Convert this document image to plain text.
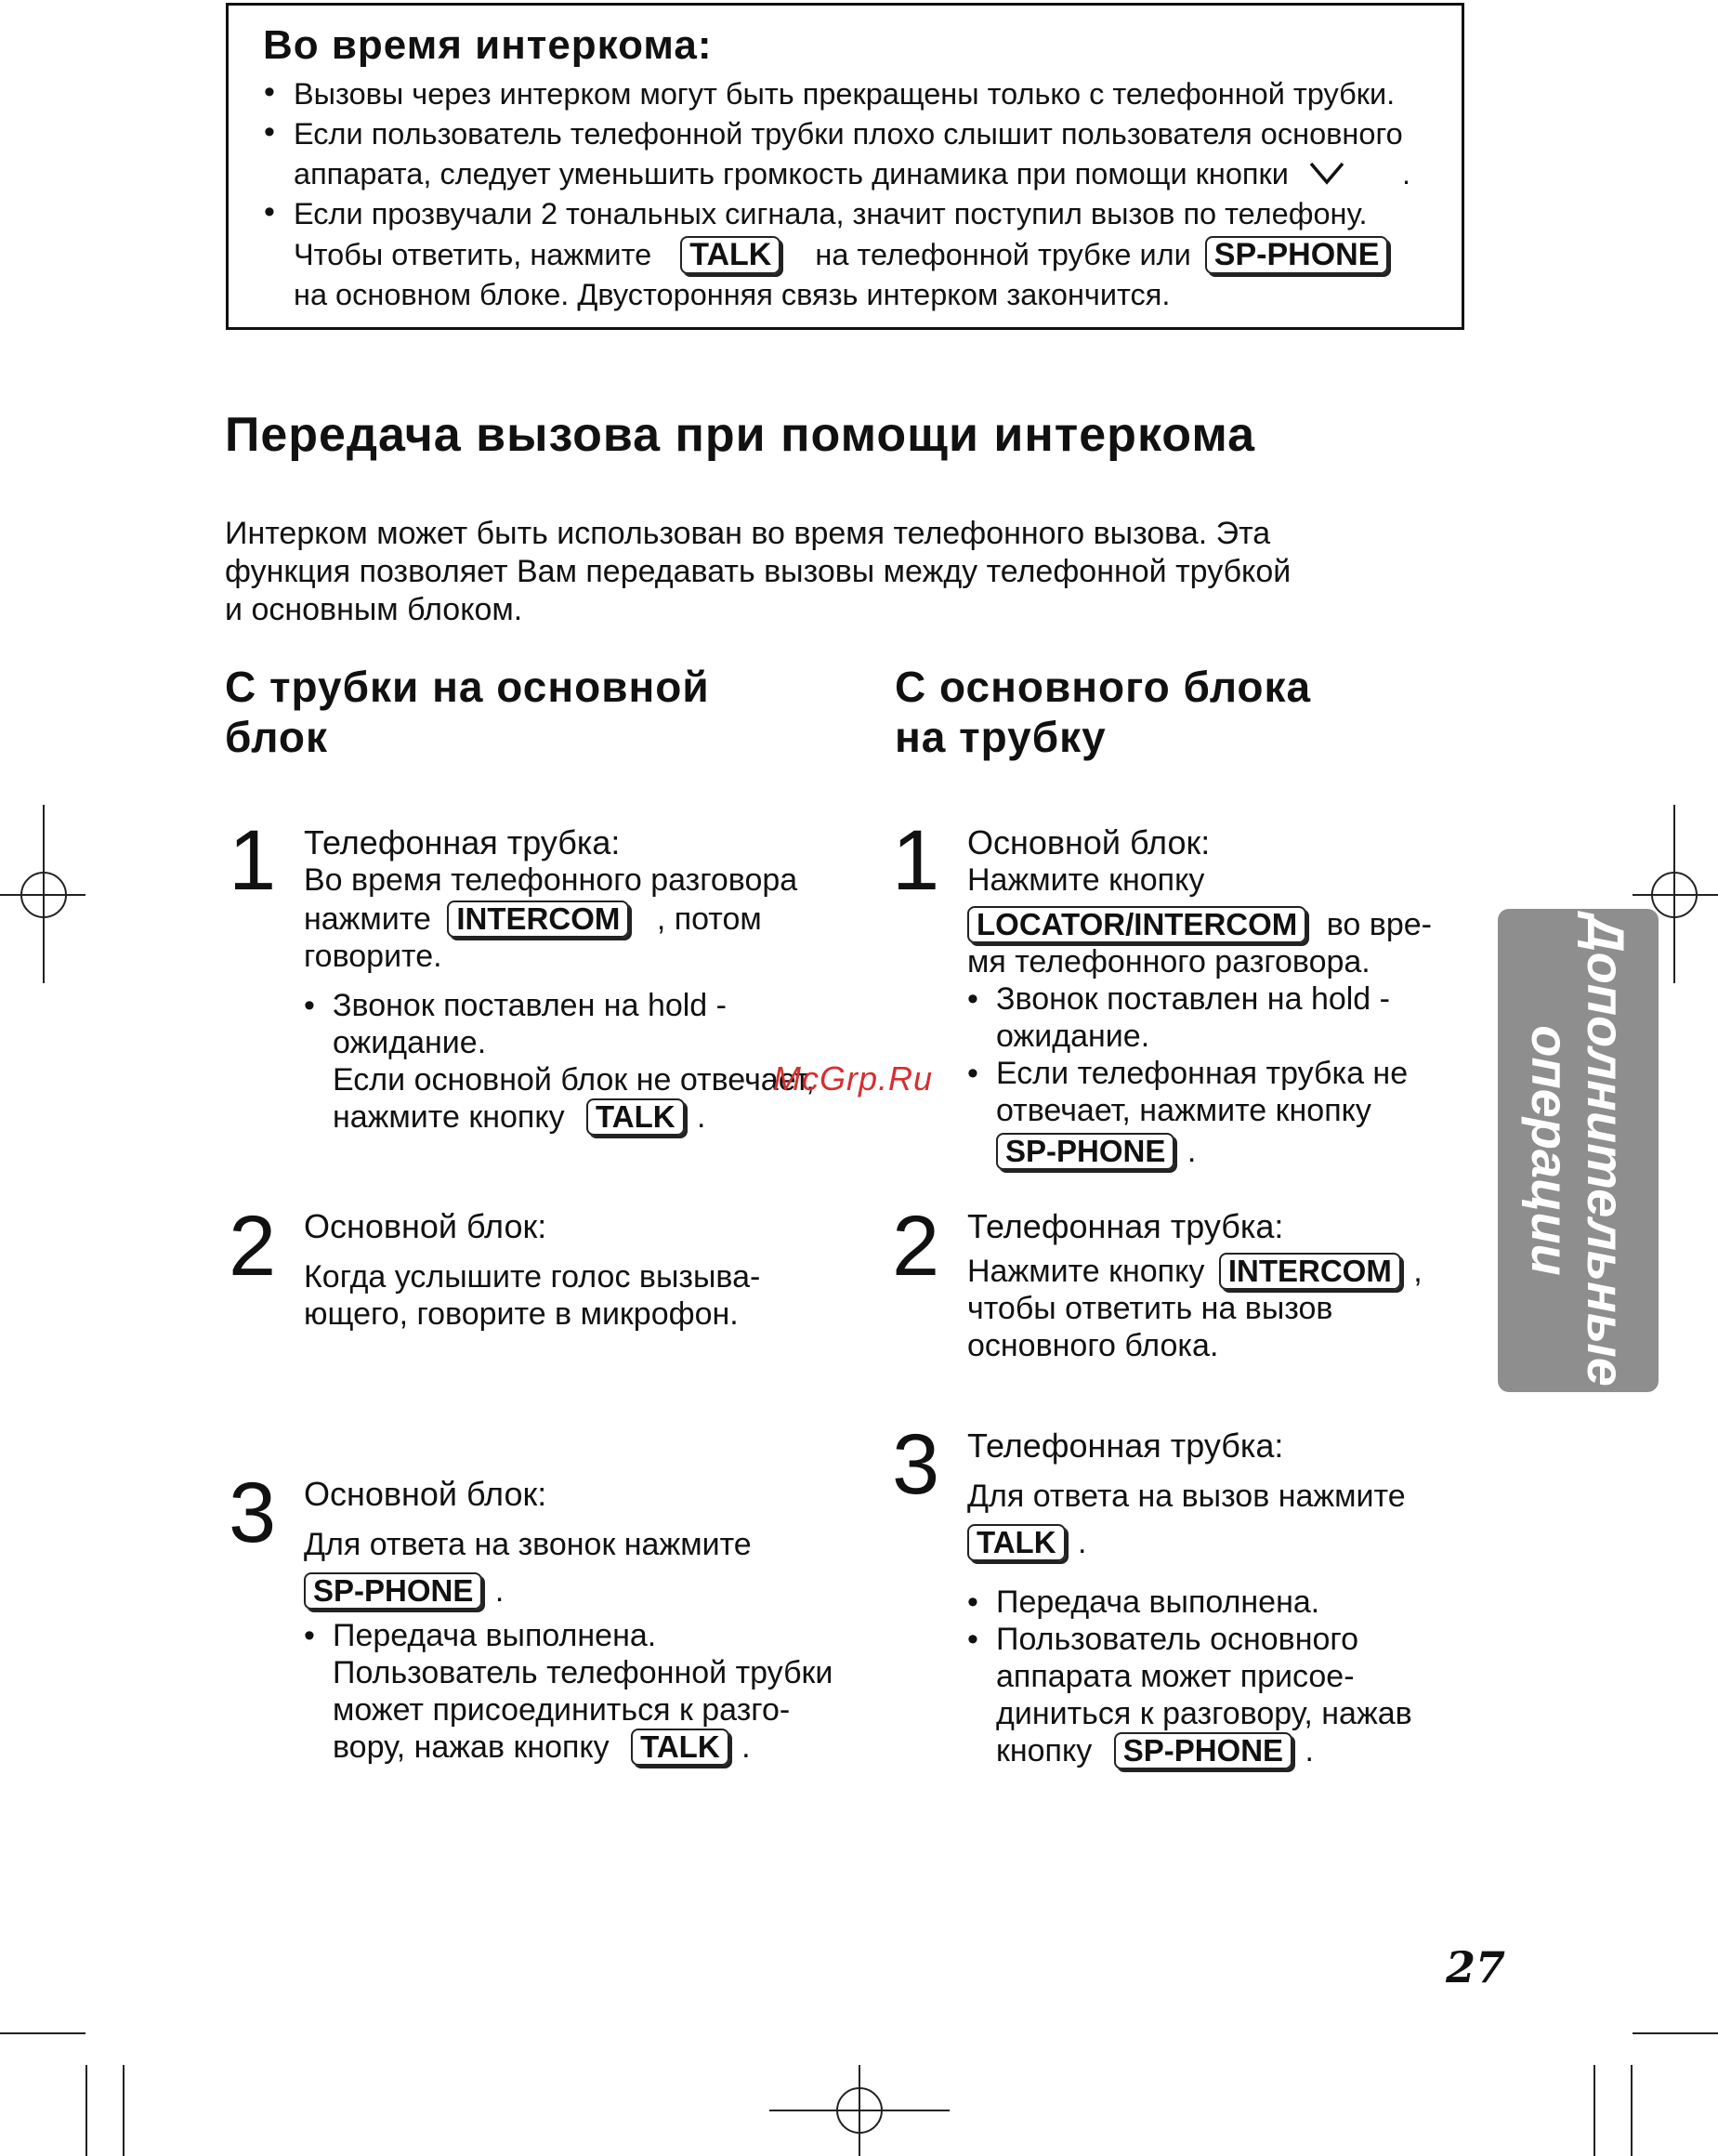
Во время интеркома:
• Вызовы через интерком могут быть прекращены только с телефонной трубки.
• Если пользователь телефонной трубки плохо слышит пользователя основного
аппарата, следует уменьшить громкость динамика при помощи кнопки	.
• Если прозвучали 2 тональных сигнала, значит поступил вызов по телефону.
Чтобы ответить, нажмите TALK на телефонной трубке или SP-PHONE
на основном блоке. Двусторонняя связь интерком закончится.
Передача вызова при помощи интеркома
Интерком может быть использован во время телефонного вызова. Эта
функция позволяет Вам передавать вызовы между телефонной трубкой
и основным блоком.
С трубки на основной
блок
1 Телефонная трубка:
Во время телефонного разговора
нажмите INTERCOM , потом
говорите.
• Звонок поставлен на hold -
ожидание.
Если основной блок не отвечает,
нажмите кнопку TALK .
2 Основной блок:
Когда услышите голос вызыва-
ющего, говорите в микрофон.
3 Основной блок:
Для ответа на звонок нажмите
SP-PHONE .
• Передача выполнена.
Пользователь телефонной трубки
может присоединиться к разго-
вору, нажав кнопку TALK .
С основного блока
на трубку
1 Основной блок:
Нажмите кнопку
LOCATOR/INTERCOM во вре-
мя телефонного разговора.
• Звонок поставлен на hold -
ожидание.
• Если телефонная трубка не
отвечает, нажмите кнопку
SP-PHONE .
2 Телефонная трубка:
Нажмите кнопку INTERCOM ,
чтобы ответить на вызов
основного блока.
3 Телефонная трубка:
Для ответа на вызов нажмите
TALK .
• Передача выполнена.
• Пользователь основного
аппарата может присое-
диниться к разговору, нажав
кнопку SP-PHONE .
Дополнительные
операции
McGrp.Ru
27
